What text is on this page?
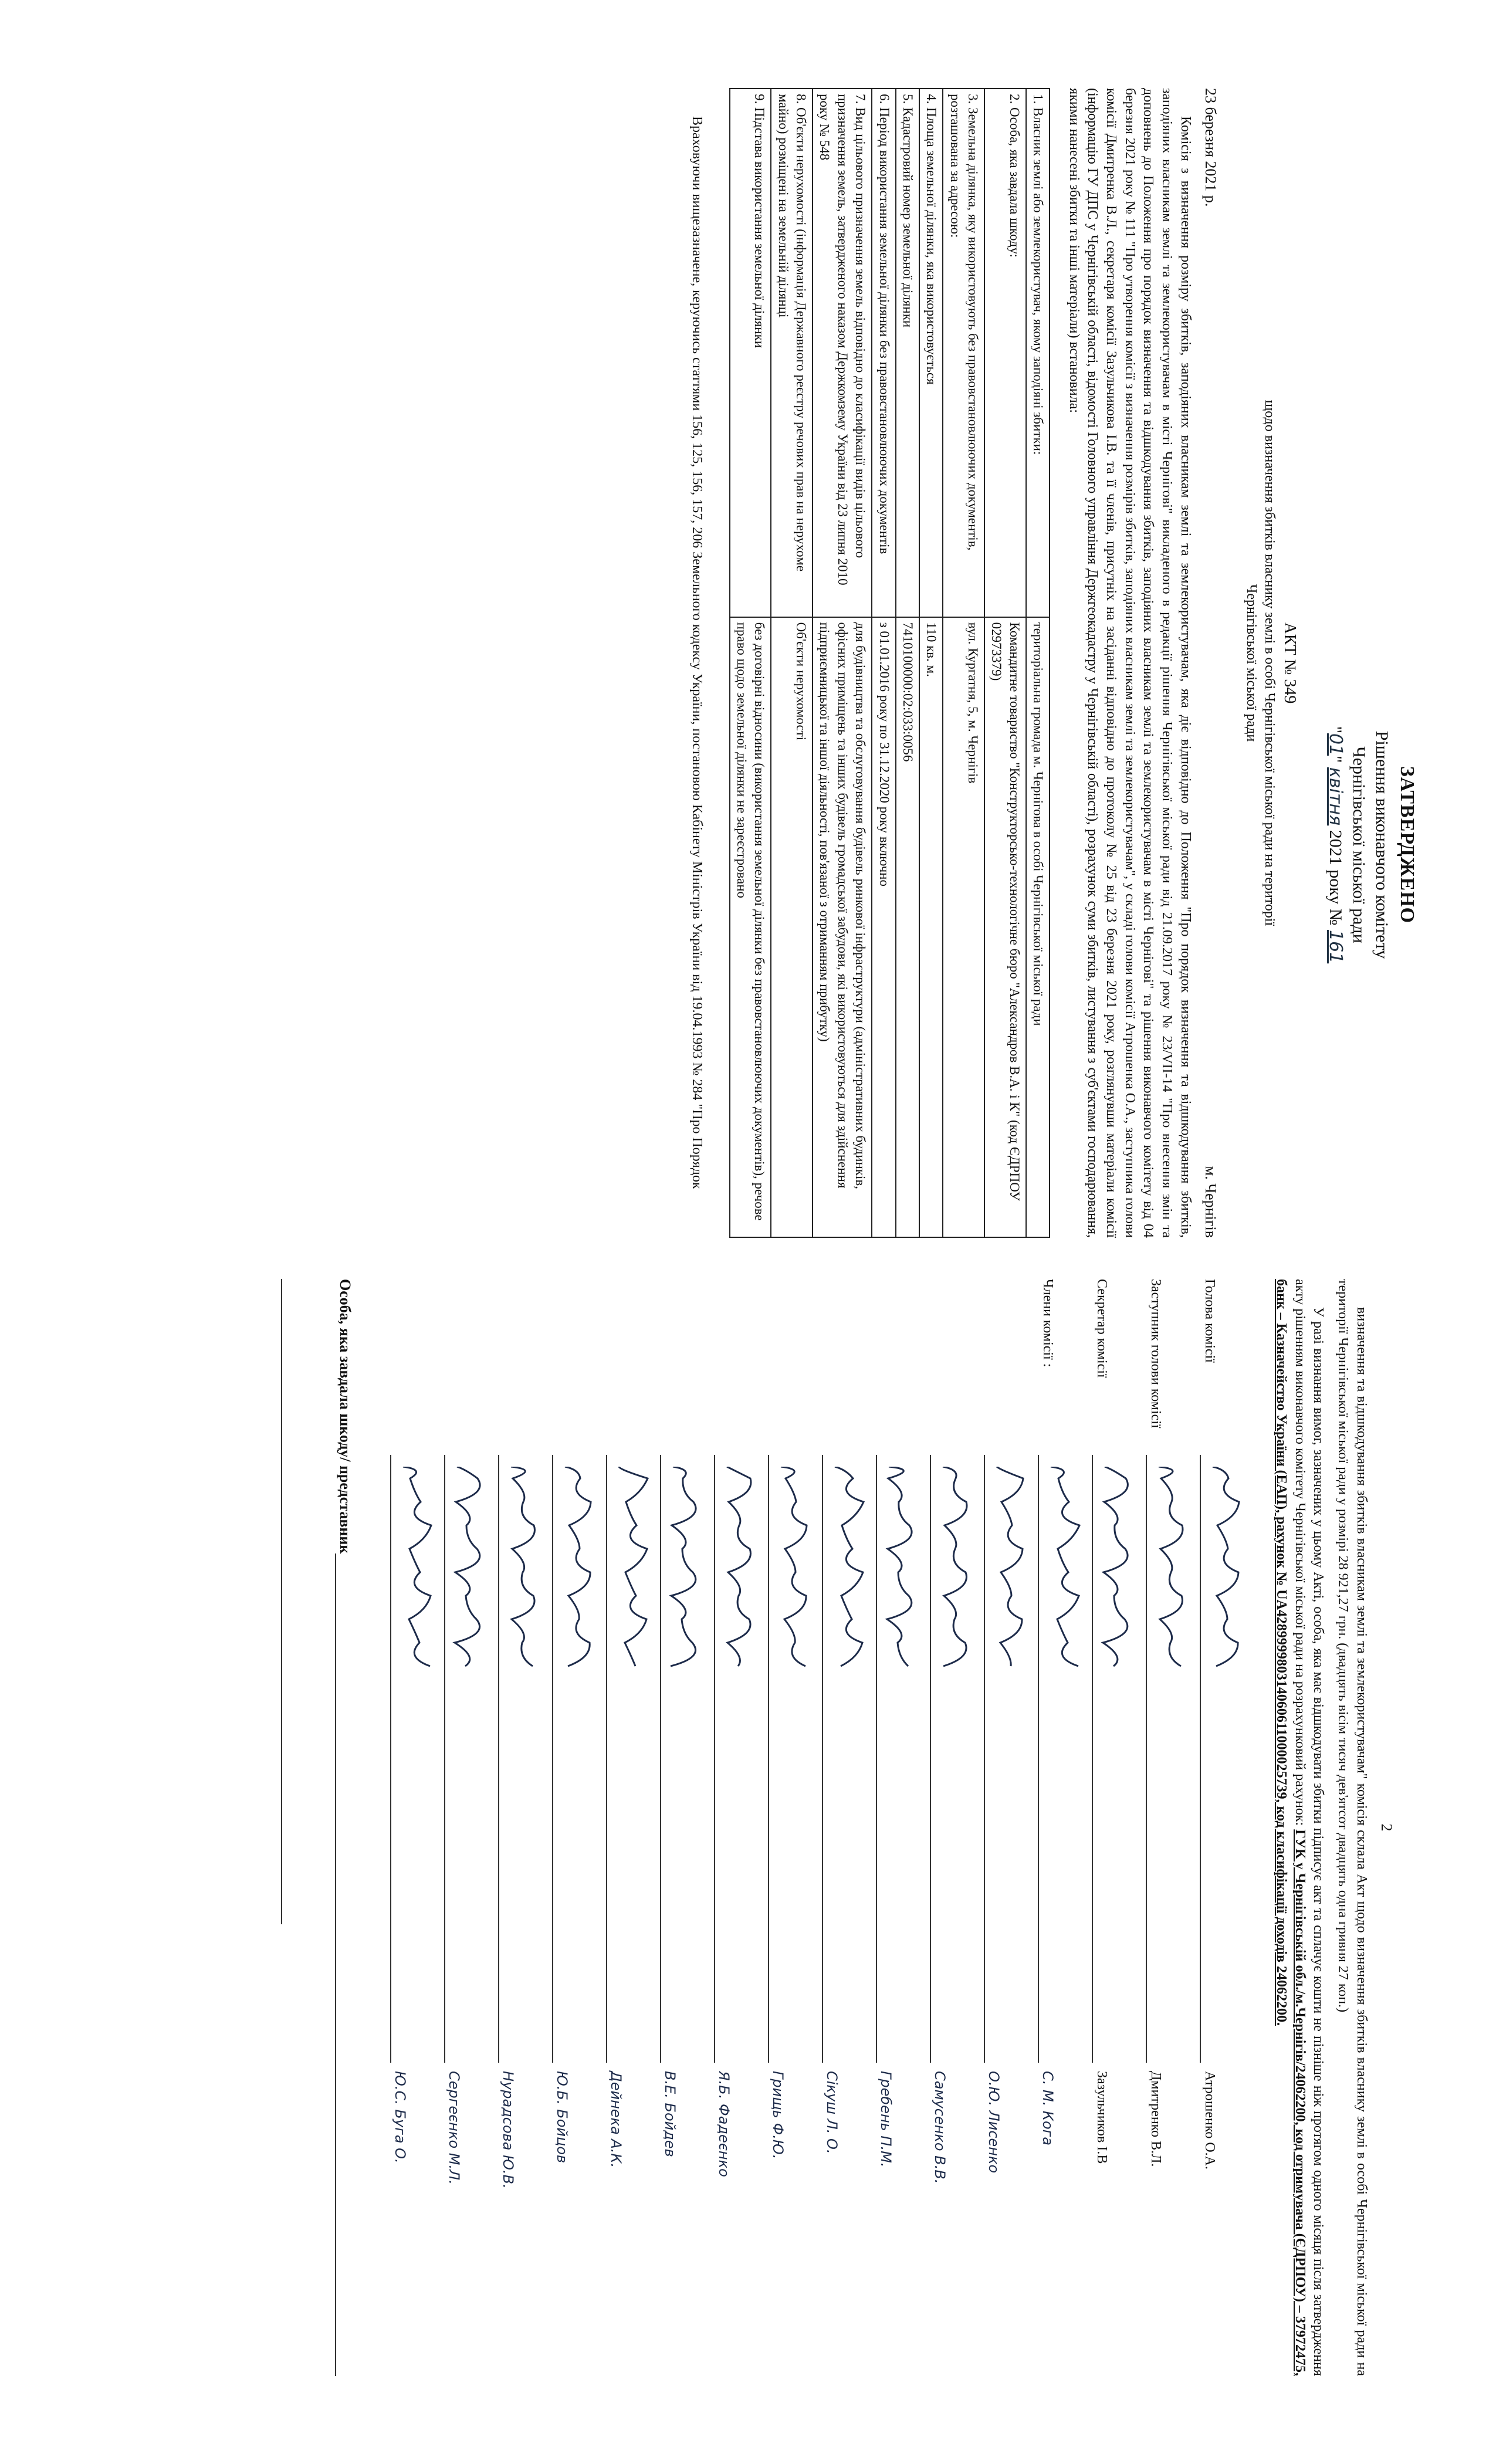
ЗАТВЕРДЖЕНО
Рішення виконавчого комітету
Чернігівської міської ради
"01" квітня 2021 року № 161
АКТ № 349
щодо визначення збитків власнику землі в особі Чернігівської міської ради на території
Чернігівської міської ради
23 березня 2021 р.
м. Чернігів

Комісія з визначення розміру збитків, заподіяних власникам землі та землекористувачам, яка діє відповідно до Положення "Про порядок визначення та відшкодування збитків, заподіяних власникам землі та землекористувачам в місті Чернігові" викладеного в редакції рішення Чернігівської міської ради від 21.09.2017 року № 23/VII-14 "Про внесення змін та доповнень до Положення про порядок визначення та відшкодування збитків, заподіяних власникам землі та землекористувачам в місті Чернігові" та рішення виконавчого комітету від 04 березня 2021 року № 111 "Про утворення комісії з визначення розмірів збитків, заподіяних власникам землі та землекористувачам", у складі голови комісії Атрошенка О.А., заступника голови комісії Дмитренка В.Л., секретаря комісії Зазульчикова І.В. та її членів, присутніх на засіданні відповідно до протоколу № 25 від 23 березня 2021 року, розглянувши матеріали комісії (інформацію ГУ ДПС у Чернігівській області, відомості Головного управління Держгеокадастру у Чернігівській області), розрахунок суми збитків, листування з суб'єктами господарювання, якими нанесені збитки та інші матеріали) встановила:

1. Власник землі або землекористувач, якому заподіяні збитки:	територіальна громада м. Чернігова в особі Чернігівської міської ради
2. Особа, яка завдала шкоду:	Командитне товариство "Конструкторсько-технологічне бюро "Александров В.А. і К" (код ЄДРПОУ 02973379)
3. Земельна ділянка, яку використовують без правовстановлюючих документів, розташована за адресою:	вул. Кургатня, 5, м. Чернігів
4. Площа земельної ділянки, яка використовується	110 кв. м.
5. Кадастровий номер земельної ділянки	7410100000:02:033:0056
6. Період використання земельної ділянки без правовстановлюючих документів	з 01.01.2016 року по 31.12.2020 року включно
7. Вид цільового призначення земель відповідно до класифікації видів цільового призначення земель, затвердженого наказом Держкомзему України від 23 липня 2010 року № 548	для будівництва та обслуговування будівель ринкової інфраструктури (адміністративних будинків, офісних приміщень та інших будівель громадської забудови, які використовуються для здійснення підприємницької та іншої діяльності, пов'язаної з отриманням прибутку)
8. Об'єкти нерухомості (інформація Державного реєстру речових прав на нерухоме майно) розміщені на земельній ділянці	Об'єкти нерухомості
9. Підстава використання земельної ділянки	без договірні відносини (використання земельної ділянки без правовстановлюючих документів), речове право щодо земельної ділянки не зареєстровано

Враховуючи вищезазначене, керуючись статтями 156, 125, 156, 157, 206 Земельного кодексу України, постановою Кабінету Міністрів України від 19.04.1993 № 284 "Про Порядок

2

визначення та відшкодування збитків власникам землі та землекористувачам" комісія склала Акт щодо визначення збитків власнику землі в особі Чернігівської міської ради на території Чернігівської міської ради у розмірі 28 921,27 грн. (двадцять вісім тисяч дев'ятсот двадцять одна гривня 27 коп.)

У разі визнання вимог, зазначених у цьому Акті, особа, яка має відшкодувати збитки підписує акт та сплачує кошти не пізніше ніж протягом одного місяця після затвердження акту рішенням виконавчого комітету Чернігівської міської ради на розрахунковий рахунок: ГУК у Чернігівській обл./м.Чернігів/24062200, код отримувача (ЄДРПОУ) – 37972475, банк – Казначейство України (ЕАП), рахунок № UA428999980314060611000025739, код класифікації доходів 24062200.

Голова комісії
Атрошенко О.А.
Заступник голови комісії
Дмитренко В.Л.
Секретар комісії
Зазульчиков І.В
Члени комісії :
С. М. Кога
О.Ю. Лисенко
Самусенко В.В.
Гребень П.М.
Сікуш Л. О.
Грищь Ф.Ю.
Я.Б. Фадеєнко
В.Е. Бойдев
Дейнека А.К.
Ю.Б. Бойцов
Нурадсова Ю.В.
Сергеєнко М.Л.
Ю.С. Буга О.
Особа, яка завдала шкоду/ представник
